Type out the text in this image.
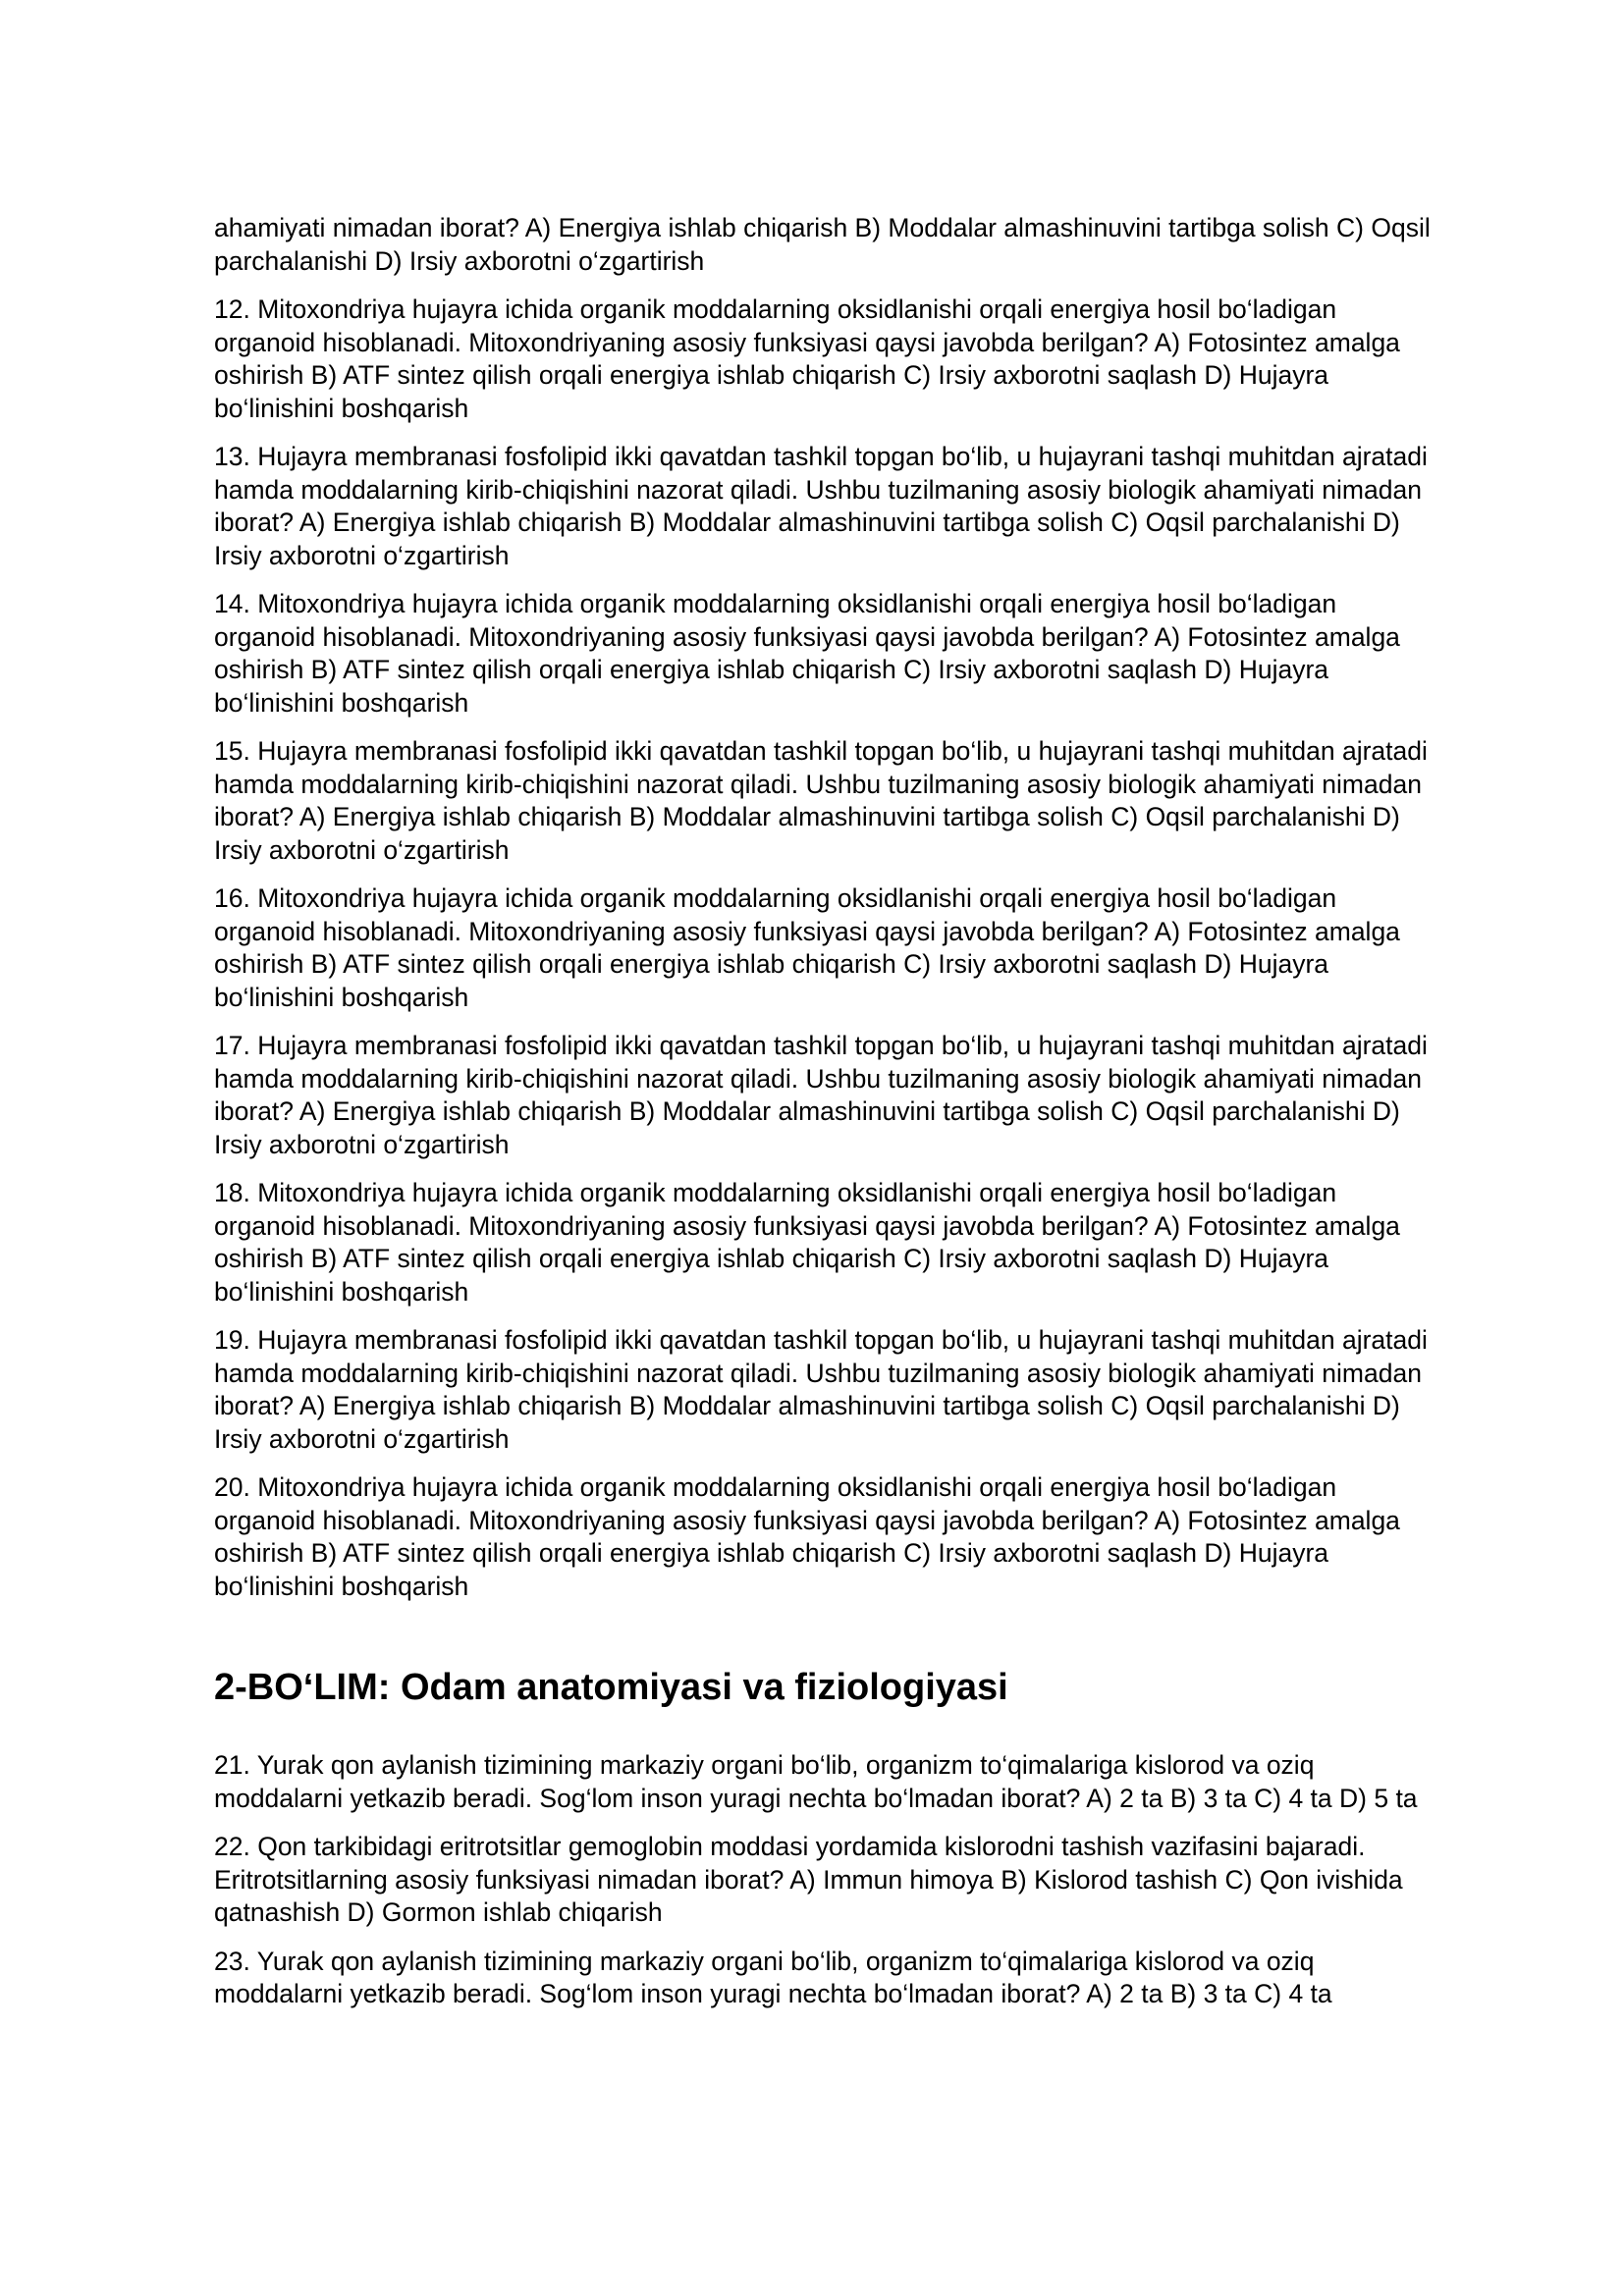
ahamiyati nimadan iborat? A) Energiya ishlab chiqarish B) Moddalar almashinuvini tartibga solish C) Oqsil parchalanishi D) Irsiy axborotni o‘zgartirish

12. Mitoxondriya hujayra ichida organik moddalarning oksidlanishi orqali energiya hosil bo‘ladigan organoid hisoblanadi. Mitoxondriyaning asosiy funksiyasi qaysi javobda berilgan? A) Fotosintez amalga oshirish B) ATF sintez qilish orqali energiya ishlab chiqarish C) Irsiy axborotni saqlash D) Hujayra bo‘linishini boshqarish

13. Hujayra membranasi fosfolipid ikki qavatdan tashkil topgan bo‘lib, u hujayrani tashqi muhitdan ajratadi hamda moddalarning kirib-chiqishini nazorat qiladi. Ushbu tuzilmaning asosiy biologik ahamiyati nimadan iborat? A) Energiya ishlab chiqarish B) Moddalar almashinuvini tartibga solish C) Oqsil parchalanishi D) Irsiy axborotni o‘zgartirish

14. Mitoxondriya hujayra ichida organik moddalarning oksidlanishi orqali energiya hosil bo‘ladigan organoid hisoblanadi. Mitoxondriyaning asosiy funksiyasi qaysi javobda berilgan? A) Fotosintez amalga oshirish B) ATF sintez qilish orqali energiya ishlab chiqarish C) Irsiy axborotni saqlash D) Hujayra bo‘linishini boshqarish

15. Hujayra membranasi fosfolipid ikki qavatdan tashkil topgan bo‘lib, u hujayrani tashqi muhitdan ajratadi hamda moddalarning kirib-chiqishini nazorat qiladi. Ushbu tuzilmaning asosiy biologik ahamiyati nimadan iborat? A) Energiya ishlab chiqarish B) Moddalar almashinuvini tartibga solish C) Oqsil parchalanishi D) Irsiy axborotni o‘zgartirish

16. Mitoxondriya hujayra ichida organik moddalarning oksidlanishi orqali energiya hosil bo‘ladigan organoid hisoblanadi. Mitoxondriyaning asosiy funksiyasi qaysi javobda berilgan? A) Fotosintez amalga oshirish B) ATF sintez qilish orqali energiya ishlab chiqarish C) Irsiy axborotni saqlash D) Hujayra bo‘linishini boshqarish

17. Hujayra membranasi fosfolipid ikki qavatdan tashkil topgan bo‘lib, u hujayrani tashqi muhitdan ajratadi hamda moddalarning kirib-chiqishini nazorat qiladi. Ushbu tuzilmaning asosiy biologik ahamiyati nimadan iborat? A) Energiya ishlab chiqarish B) Moddalar almashinuvini tartibga solish C) Oqsil parchalanishi D) Irsiy axborotni o‘zgartirish

18. Mitoxondriya hujayra ichida organik moddalarning oksidlanishi orqali energiya hosil bo‘ladigan organoid hisoblanadi. Mitoxondriyaning asosiy funksiyasi qaysi javobda berilgan? A) Fotosintez amalga oshirish B) ATF sintez qilish orqali energiya ishlab chiqarish C) Irsiy axborotni saqlash D) Hujayra bo‘linishini boshqarish

19. Hujayra membranasi fosfolipid ikki qavatdan tashkil topgan bo‘lib, u hujayrani tashqi muhitdan ajratadi hamda moddalarning kirib-chiqishini nazorat qiladi. Ushbu tuzilmaning asosiy biologik ahamiyati nimadan iborat? A) Energiya ishlab chiqarish B) Moddalar almashinuvini tartibga solish C) Oqsil parchalanishi D) Irsiy axborotni o‘zgartirish

20. Mitoxondriya hujayra ichida organik moddalarning oksidlanishi orqali energiya hosil bo‘ladigan organoid hisoblanadi. Mitoxondriyaning asosiy funksiyasi qaysi javobda berilgan? A) Fotosintez amalga oshirish B) ATF sintez qilish orqali energiya ishlab chiqarish C) Irsiy axborotni saqlash D) Hujayra bo‘linishini boshqarish

2-BO‘LIM: Odam anatomiyasi va fiziologiyasi

21. Yurak qon aylanish tizimining markaziy organi bo‘lib, organizm to‘qimalariga kislorod va oziq moddalarni yetkazib beradi. Sog‘lom inson yuragi nechta bo‘lmadan iborat? A) 2 ta B) 3 ta C) 4 ta D) 5 ta

22. Qon tarkibidagi eritrotsitlar gemoglobin moddasi yordamida kislorodni tashish vazifasini bajaradi. Eritrotsitlarning asosiy funksiyasi nimadan iborat? A) Immun himoya B) Kislorod tashish C) Qon ivishida qatnashish D) Gormon ishlab chiqarish

23. Yurak qon aylanish tizimining markaziy organi bo‘lib, organizm to‘qimalariga kislorod va oziq moddalarni yetkazib beradi. Sog‘lom inson yuragi nechta bo‘lmadan iborat? A) 2 ta B) 3 ta C) 4 ta
